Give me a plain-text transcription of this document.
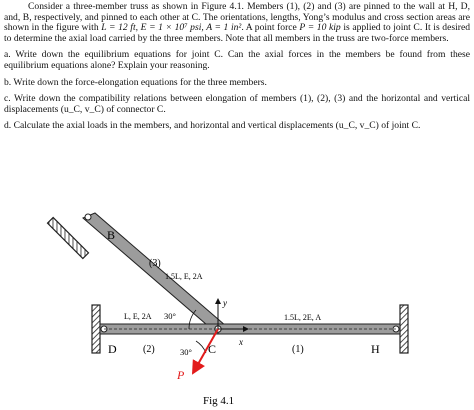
Consider a three-member truss as shown in Figure 4.1. Members (1), (2) and (3) are pinned to the wall at H, D, and, B, respectively, and pinned to each other at C. The orientations, lengths, Yong’s modulus and cross section areas are shown in the figure with L = 12 ft, E = 1 × 10⁷ psi, A = 1 in². A point force P = 10 kip is applied to joint C. It is desired to determine the axial load carried by the three members. Note that all members in the truss are two-force members.

a. Write down the equilibrium equations for joint C. Can the axial forces in the members be found from these equilibrium equations alone? Explain your reasoning.

b. Write down the force-elongation equations for the three members.

c. Write down the compatibility relations between elongation of members (1), (2), (3) and the horizontal and vertical displacements (u_C, v_C) of connector C.

d. Calculate the axial loads in the members, and horizontal and vertical displacements (u_C, v_C) of joint C.

B
(3)
1.5L, E, 2A
L, E, 2A 30°
y
1.5L, 2E, A
D	(2)	30° C	x
(1)	H
P
Fig 4.1
